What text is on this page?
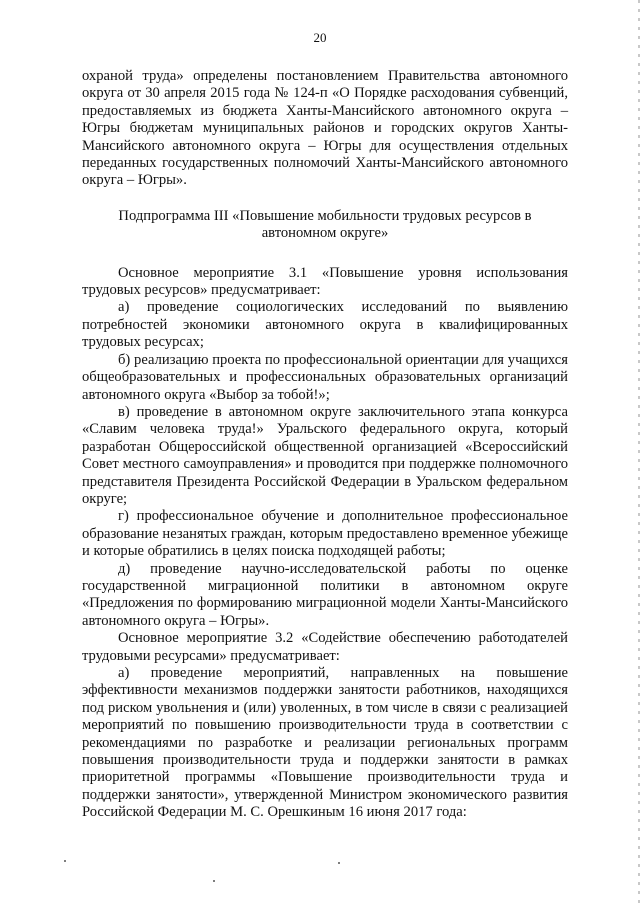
20

охраной труда» определены постановлением Правительства автономного округа от 30 апреля 2015 года № 124-п «О Порядке расходования субвенций, предоставляемых из бюджета Ханты-Мансийского автономного округа – Югры бюджетам муниципальных районов и городских округов Ханты-Мансийского автономного округа – Югры для осуществления отдельных переданных государственных полномочий Ханты-Мансийского автономного округа – Югры».

Подпрограмма III «Повышение мобильности трудовых ресурсов в автономном округе»

Основное мероприятие 3.1 «Повышение уровня использования трудовых ресурсов» предусматривает:

а) проведение социологических исследований по выявлению потребностей экономики автономного округа в квалифицированных трудовых ресурсах;

б) реализацию проекта по профессиональной ориентации для учащихся общеобразовательных и профессиональных образовательных организаций автономного округа «Выбор за тобой!»;

в) проведение в автономном округе заключительного этапа конкурса «Славим человека труда!» Уральского федерального округа, который разработан Общероссийской общественной организацией «Всероссийский Совет местного самоуправления» и проводится при поддержке полномочного представителя Президента Российской Федерации в Уральском федеральном округе;

г) профессиональное обучение и дополнительное профессиональное образование незанятых граждан, которым предоставлено временное убежище и которые обратились в целях поиска подходящей работы;

д) проведение научно-исследовательской работы по оценке государственной миграционной политики в автономном округе «Предложения по формированию миграционной модели Ханты-Мансийского автономного округа – Югры».

Основное мероприятие 3.2 «Содействие обеспечению работодателей трудовыми ресурсами» предусматривает:

а) проведение мероприятий, направленных на повышение эффективности механизмов поддержки занятости работников, находящихся под риском увольнения и (или) уволенных, в том числе в связи с реализацией мероприятий по повышению производительности труда в соответствии с рекомендациями по разработке и реализации региональных программ повышения производительности труда и поддержки занятости в рамках приоритетной программы «Повышение производительности труда и поддержки занятости», утвержденной Министром экономического развития Российской Федерации М. С. Орешкиным 16 июня 2017 года:
